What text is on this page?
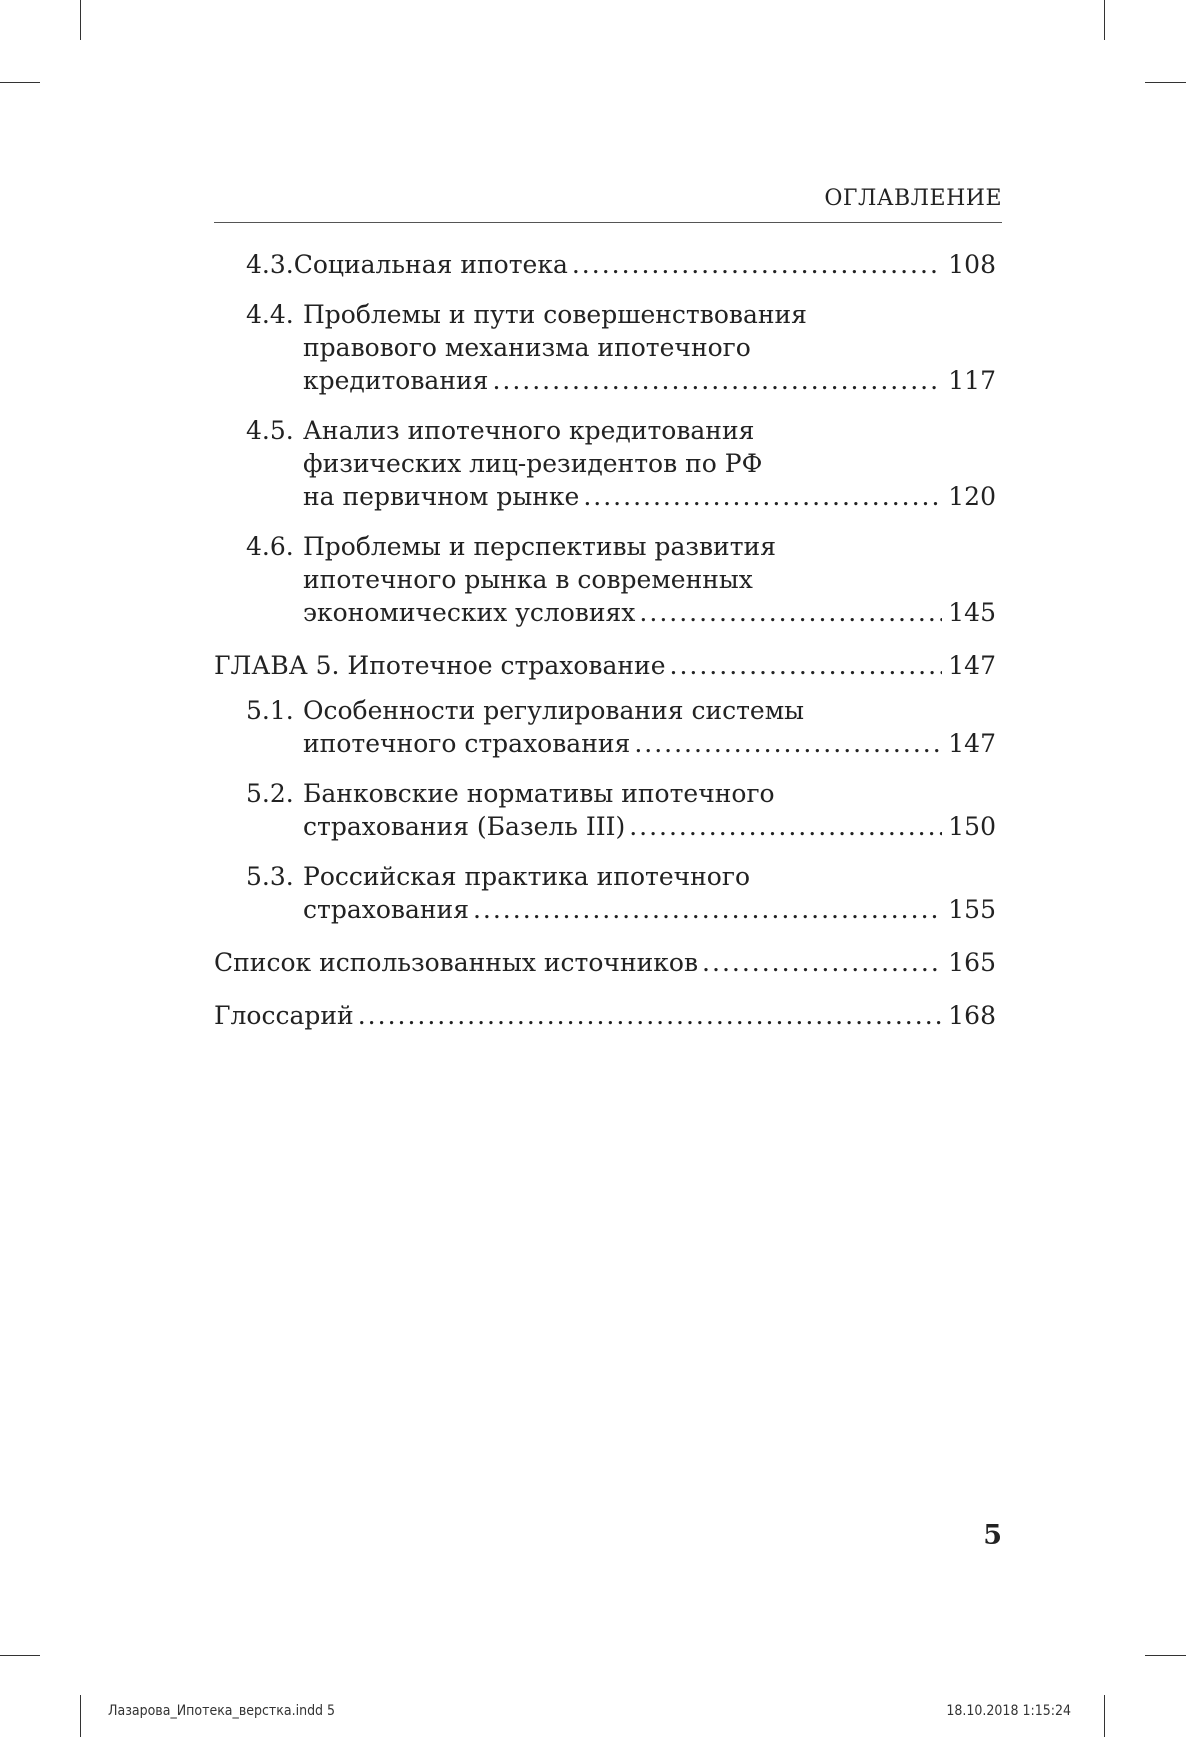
ОГЛАВЛЕНИЕ
4.3. Социальная ипотека .....	108
4.4. Проблемы и пути совершенствования
правового механизма ипотечного
кредитования .....	117
4.5. Анализ ипотечного кредитования
физических лиц-резидентов по РФ
на первичном рынке .....	120
4.6. Проблемы и перспективы развития
ипотечного рынка в современных
экономических условиях .....	145
ГЛАВА 5. Ипотечное страхование .....	147
5.1. Особенности регулирования системы
ипотечного страхования .....	147
5.2. Банковские нормативы ипотечного
страхования (Базель III) .....	150
5.3. Российская практика ипотечного
страхования .....	155
Список использованных источников .....	165
Глоссарий .....	168
5
Лазарова_Ипотека_верстка.indd 5	18.10.2018 1:15:24
